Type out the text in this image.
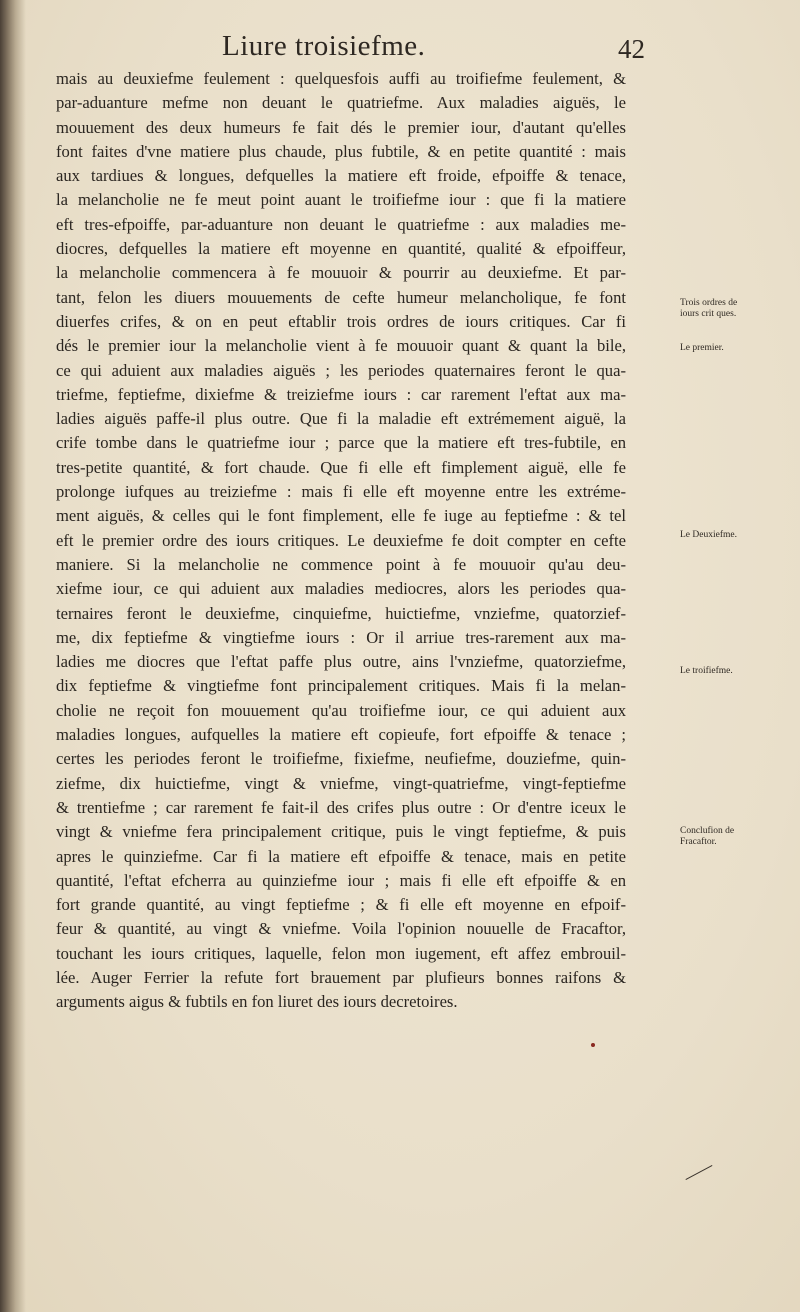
Liure troisiefme.	42
mais au deuxiefme feulement : quelquesfois auffi au troifiefme feulement, &
par-aduanture mefme non deuant le quatriefme. Aux maladies aiguës, le
mouuement des deux humeurs fe fait dés le premier iour, d'autant qu'elles
font faites d'vne matiere plus chaude, plus fubtile, & en petite quantité : mais
aux tardiues & longues, defquelles la matiere eft froide, efpoiffe & tenace,
la melancholie ne fe meut point auant le troifiefme iour : que fi la matiere
eft tres-efpoiffe, par-aduanture non deuant le quatriefme : aux maladies me-
diocres, defquelles la matiere eft moyenne en quantité, qualité & efpoiffeur,
la melancholie commencera à fe mouuoir & pourrir au deuxiefme. Et par-
tant, felon les diuers mouuements de cefte humeur melancholique, fe font
diuerfes crifes, & on en peut eftablir trois ordres de iours critiques. Car fi
dés le premier iour la melancholie vient à fe mouuoir quant & quant la bile,
ce qui aduient aux maladies aiguës ; les periodes quaternaires feront le qua-
triefme, feptiefme, dixiefme & treiziefme iours : car rarement l'eftat aux ma-
ladies aiguës paffe-il plus outre. Que fi la maladie eft extrémement aiguë, la
crife tombe dans le quatriefme iour ; parce que la matiere eft tres-fubtile, en
tres-petite quantité, & fort chaude. Que fi elle eft fimplement aiguë, elle fe
prolonge iufques au treiziefme : mais fi elle eft moyenne entre les extréme-
ment aiguës, & celles qui le font fimplement, elle fe iuge au feptiefme : & tel
eft le premier ordre des iours critiques. Le deuxiefme fe doit compter en cefte
maniere. Si la melancholie ne commence point à fe mouuoir qu'au deu-
xiefme iour, ce qui aduient aux maladies mediocres, alors les periodes qua-
ternaires feront le deuxiefme, cinquiefme, huictiefme, vnziefme, quatorzief-
me, dix feptiefme & vingtiefme iours : Or il arriue tres-rarement aux ma-
ladies me diocres que l'eftat paffe plus outre, ains l'vnziefme, quatorziefme,
dix feptiefme & vingtiefme font principalement critiques. Mais fi la melan-
cholie ne reçoit fon mouuement qu'au troifiefme iour, ce qui aduient aux
maladies longues, aufquelles la matiere eft copieufe, fort efpoiffe & tenace ;
certes les periodes feront le troifiefme, fixiefme, neufiefme, douziefme, quin-
ziefme, dix huictiefme, vingt & vniefme, vingt-quatriefme, vingt-feptiefme
& trentiefme ; car rarement fe fait-il des crifes plus outre : Or d'entre iceux le
vingt & vniefme fera principalement critique, puis le vingt feptiefme, & puis
apres le quinziefme. Car fi la matiere eft efpoiffe & tenace, mais en petite
quantité, l'eftat efcherra au quinziefme iour ; mais fi elle eft efpoiffe & en
fort grande quantité, au vingt feptiefme ; & fi elle eft moyenne en efpoif-
feur & quantité, au vingt & vniefme. Voila l'opinion nouuelle de Fracaftor,
touchant les iours critiques, laquelle, felon mon iugement, eft affez embrouil-
lée. Auger Ferrier la refute fort brauement par plufieurs bonnes raifons &
arguments aigus & fubtils en fon liuret des iours decretoires.
Trois ordres de
iours crit ques.
Le premier.
Le Deuxiefme.
Le troifiefme.
Conclufion de
Fracaftor.
